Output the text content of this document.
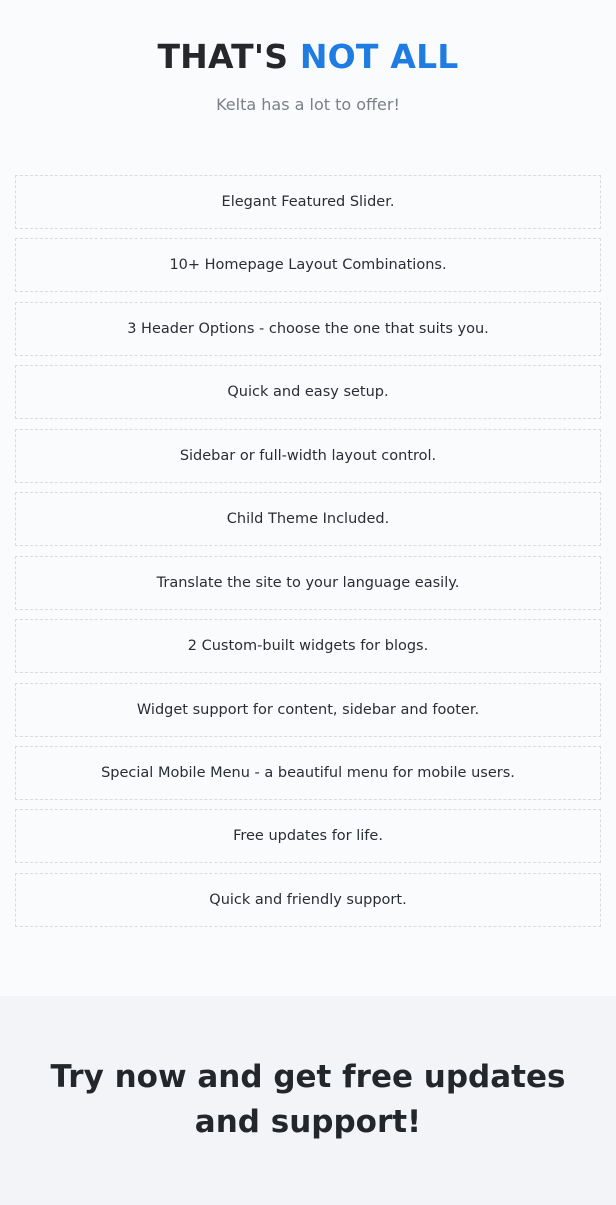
THAT'S NOT ALL

Kelta has a lot to offer!

Elegant Featured Slider.
10+ Homepage Layout Combinations.
3 Header Options - choose the one that suits you.
Quick and easy setup.
Sidebar or full-width layout control.
Child Theme Included.
Translate the site to your language easily.
2 Custom-built widgets for blogs.
Widget support for content, sidebar and footer.
Special Mobile Menu - a beautiful menu for mobile users.
Free updates for life.
Quick and friendly support.
Try now and get free updates and support!
